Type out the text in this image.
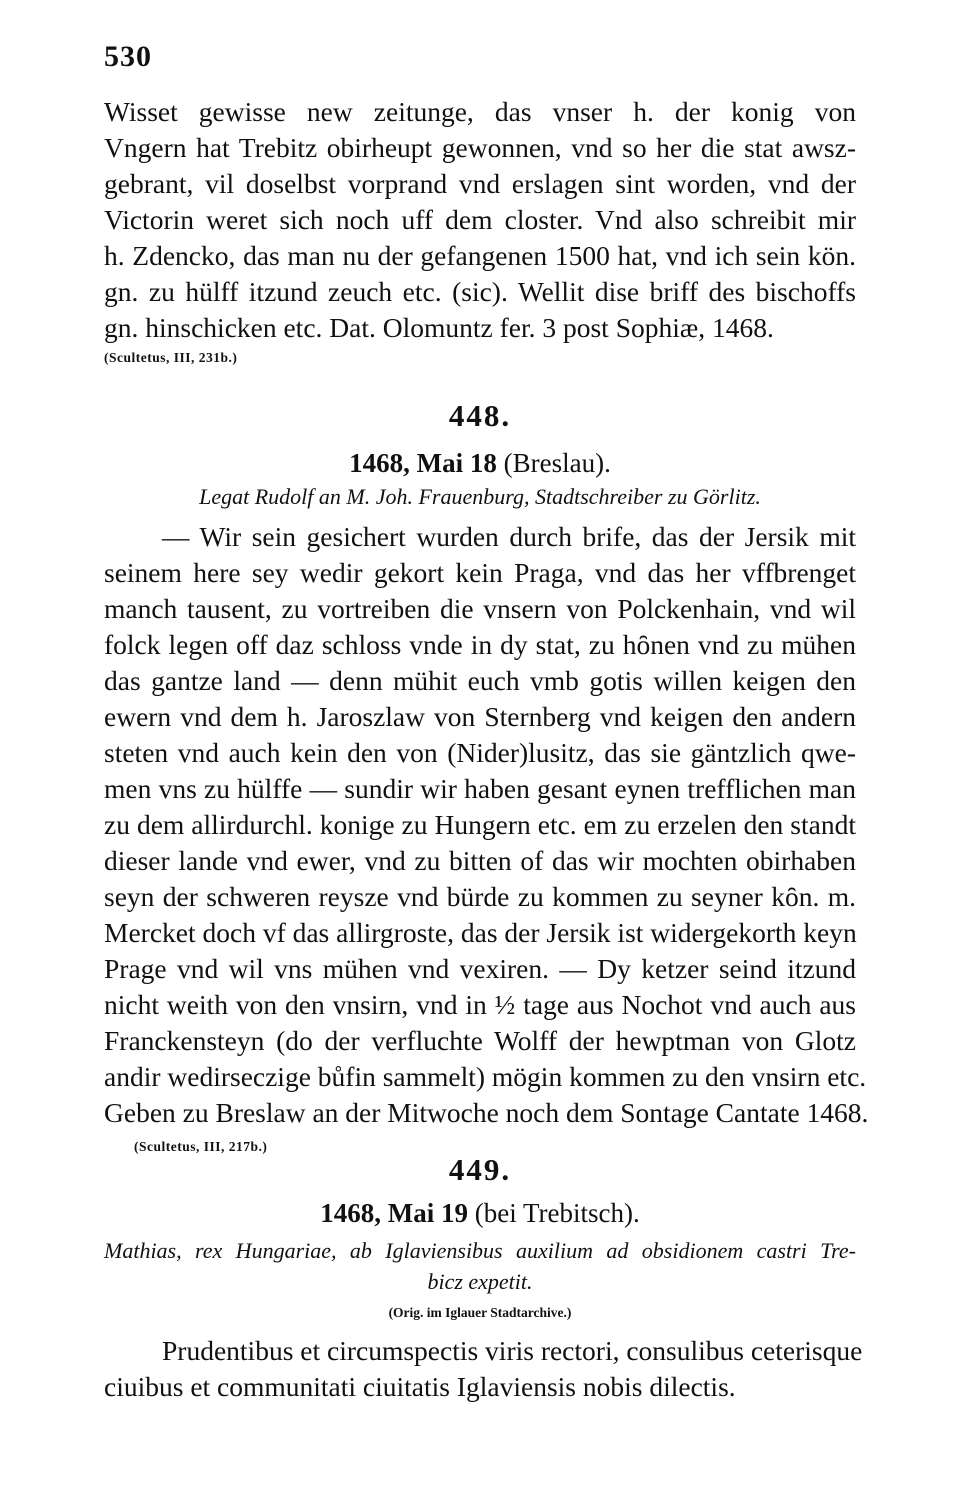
530
Wisset gewisse new zeitunge, das vnser h. der konig von
Vngern hat Trebitz obirheupt gewonnen, vnd so her die stat awsz-
gebrant, vil doselbst vorprand vnd erslagen sint worden, vnd der
Victorin weret sich noch uff dem closter. Vnd also schreibit mir
h. Zdencko, das man nu der gefangenen 1500 hat, vnd ich sein kön.
gn. zu hülff itzund zeuch etc. (sic). Wellit dise briff des bischoffs
gn. hinschicken etc. Dat. Olomuntz fer. 3 post Sophiæ, 1468.
(Scultetus, III, 231b.)
448.
1468, Mai 18 (Breslau).
Legat Rudolf an M. Joh. Frauenburg, Stadtschreiber zu Görlitz.
— Wir sein gesichert wurden durch brife, das der Jersik mit
seinem here sey wedir gekort kein Praga, vnd das her vffbrenget
manch tausent, zu vortreiben die vnsern von Polckenhain, vnd wil
folck legen off daz schloss vnde in dy stat, zu hȏnen vnd zu mühen
das gantze land — denn mühit euch vmb gotis willen keigen den
ewern vnd dem h. Jaroszlaw von Sternberg vnd keigen den andern
steten vnd auch kein den von (Nider)lusitz, das sie gäntzlich qwe-
men vns zu hülffe — sundir wir haben gesant eynen trefflichen man
zu dem allirdurchl. konige zu Hungern etc. em zu erzelen den standt
dieser lande vnd ewer, vnd zu bitten of das wir mochten obirhaben
seyn der schweren reysze vnd bürde zu kommen zu seyner kȏn. m.
Mercket doch vf das allirgroste, das der Jersik ist widergekorth keyn
Prage vnd wil vns mühen vnd vexiren. — Dy ketzer seind itzund
nicht weith von den vnsirn, vnd in ½ tage aus Nochot vnd auch aus
Franckensteyn (do der verfluchte Wolff der hewptman von Glotz
andir wedirseczige bůfin sammelt) mögin kommen zu den vnsirn etc.
Geben zu Breslaw an der Mitwoche noch dem Sontage Cantate 1468.
(Scultetus, III, 217b.)
449.
1468, Mai 19 (bei Trebitsch).
Mathias, rex Hungariae, ab Iglaviensibus auxilium ad obsidionem castri Tre-
bicz expetit.
(Orig. im Iglauer Stadtarchive.)
Prudentibus et circumspectis viris rectori, consulibus ceterisque
ciuibus et communitati ciuitatis Iglaviensis nobis dilectis.
